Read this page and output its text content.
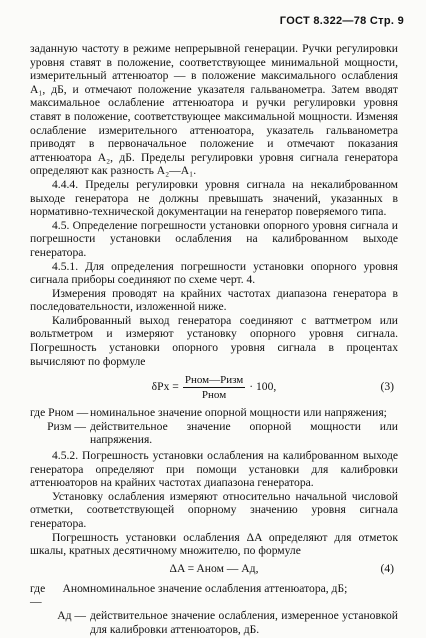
ГОСТ 8.322—78 Стр. 9

заданную частоту в режиме непрерывной генерации. Ручки регулировки уровня ставят в положение, соответствующее минимальной мощности, измерительный аттенюатор — в положение максимального ослабления A₁, дБ, и отмечают положение указателя гальванометра. Затем вводят максимальное ослабление аттенюатора и ручки регулировки уровня ставят в положение, соответствующее максимальной мощности. Изменяя ослабление измерительного аттенюатора, указатель гальванометра приводят в первоначальное положение и отмечают показания аттенюатора A₂, дБ. Пределы регулировки уровня сигнала генератора определяют как разность A₂—A₁.

4.4.4. Пределы регулировки уровня сигнала на некалиброванном выходе генератора не должны превышать значений, указанных в нормативно-технической документации на генератор поверяемого типа.

4.5. Определение погрешности установки опорного уровня сигнала и погрешности установки ослабления на калиброванном выходе генератора.

4.5.1. Для определения погрешности установки опорного уровня сигнала приборы соединяют по схеме черт. 4.

Измерения проводят на крайних частотах диапазона генератора в последовательности, изложенной ниже.

Калиброванный выход генератора соединяют с ваттметром или вольтметром и измеряют установку опорного уровня сигнала. Погрешность установки опорного уровня сигнала в процентах вычисляют по формуле

$\delta Pх = \frac{\text{Pном—Pизм}}{\text{Pном}} \cdot 100$,	(3)
где Pном — номинальное значение опорной мощности или напряжения;
Pизм — действительное значение опорной мощности или напряжения.

4.5.2. Погрешность установки ослабления на калиброванном выходе генератора определяют при помощи установки для калибровки аттенюаторов на крайних частотах диапазона генератора.

Установку ослабления измеряют относительно начальной числовой отметки, соответствующей опорному значению уровня сигнала генератора.

Погрешность установки ослабления ΔA определяют для отметок шкалы, кратных десятичному множителю, по формуле

ΔA = Aном — Aд,	(4)
где Aном —
номинальное значение ослабления аттенюатора, дБ;
Aд — действительное значение ослабления, измеренное установкой для калибровки аттенюаторов, дБ.
